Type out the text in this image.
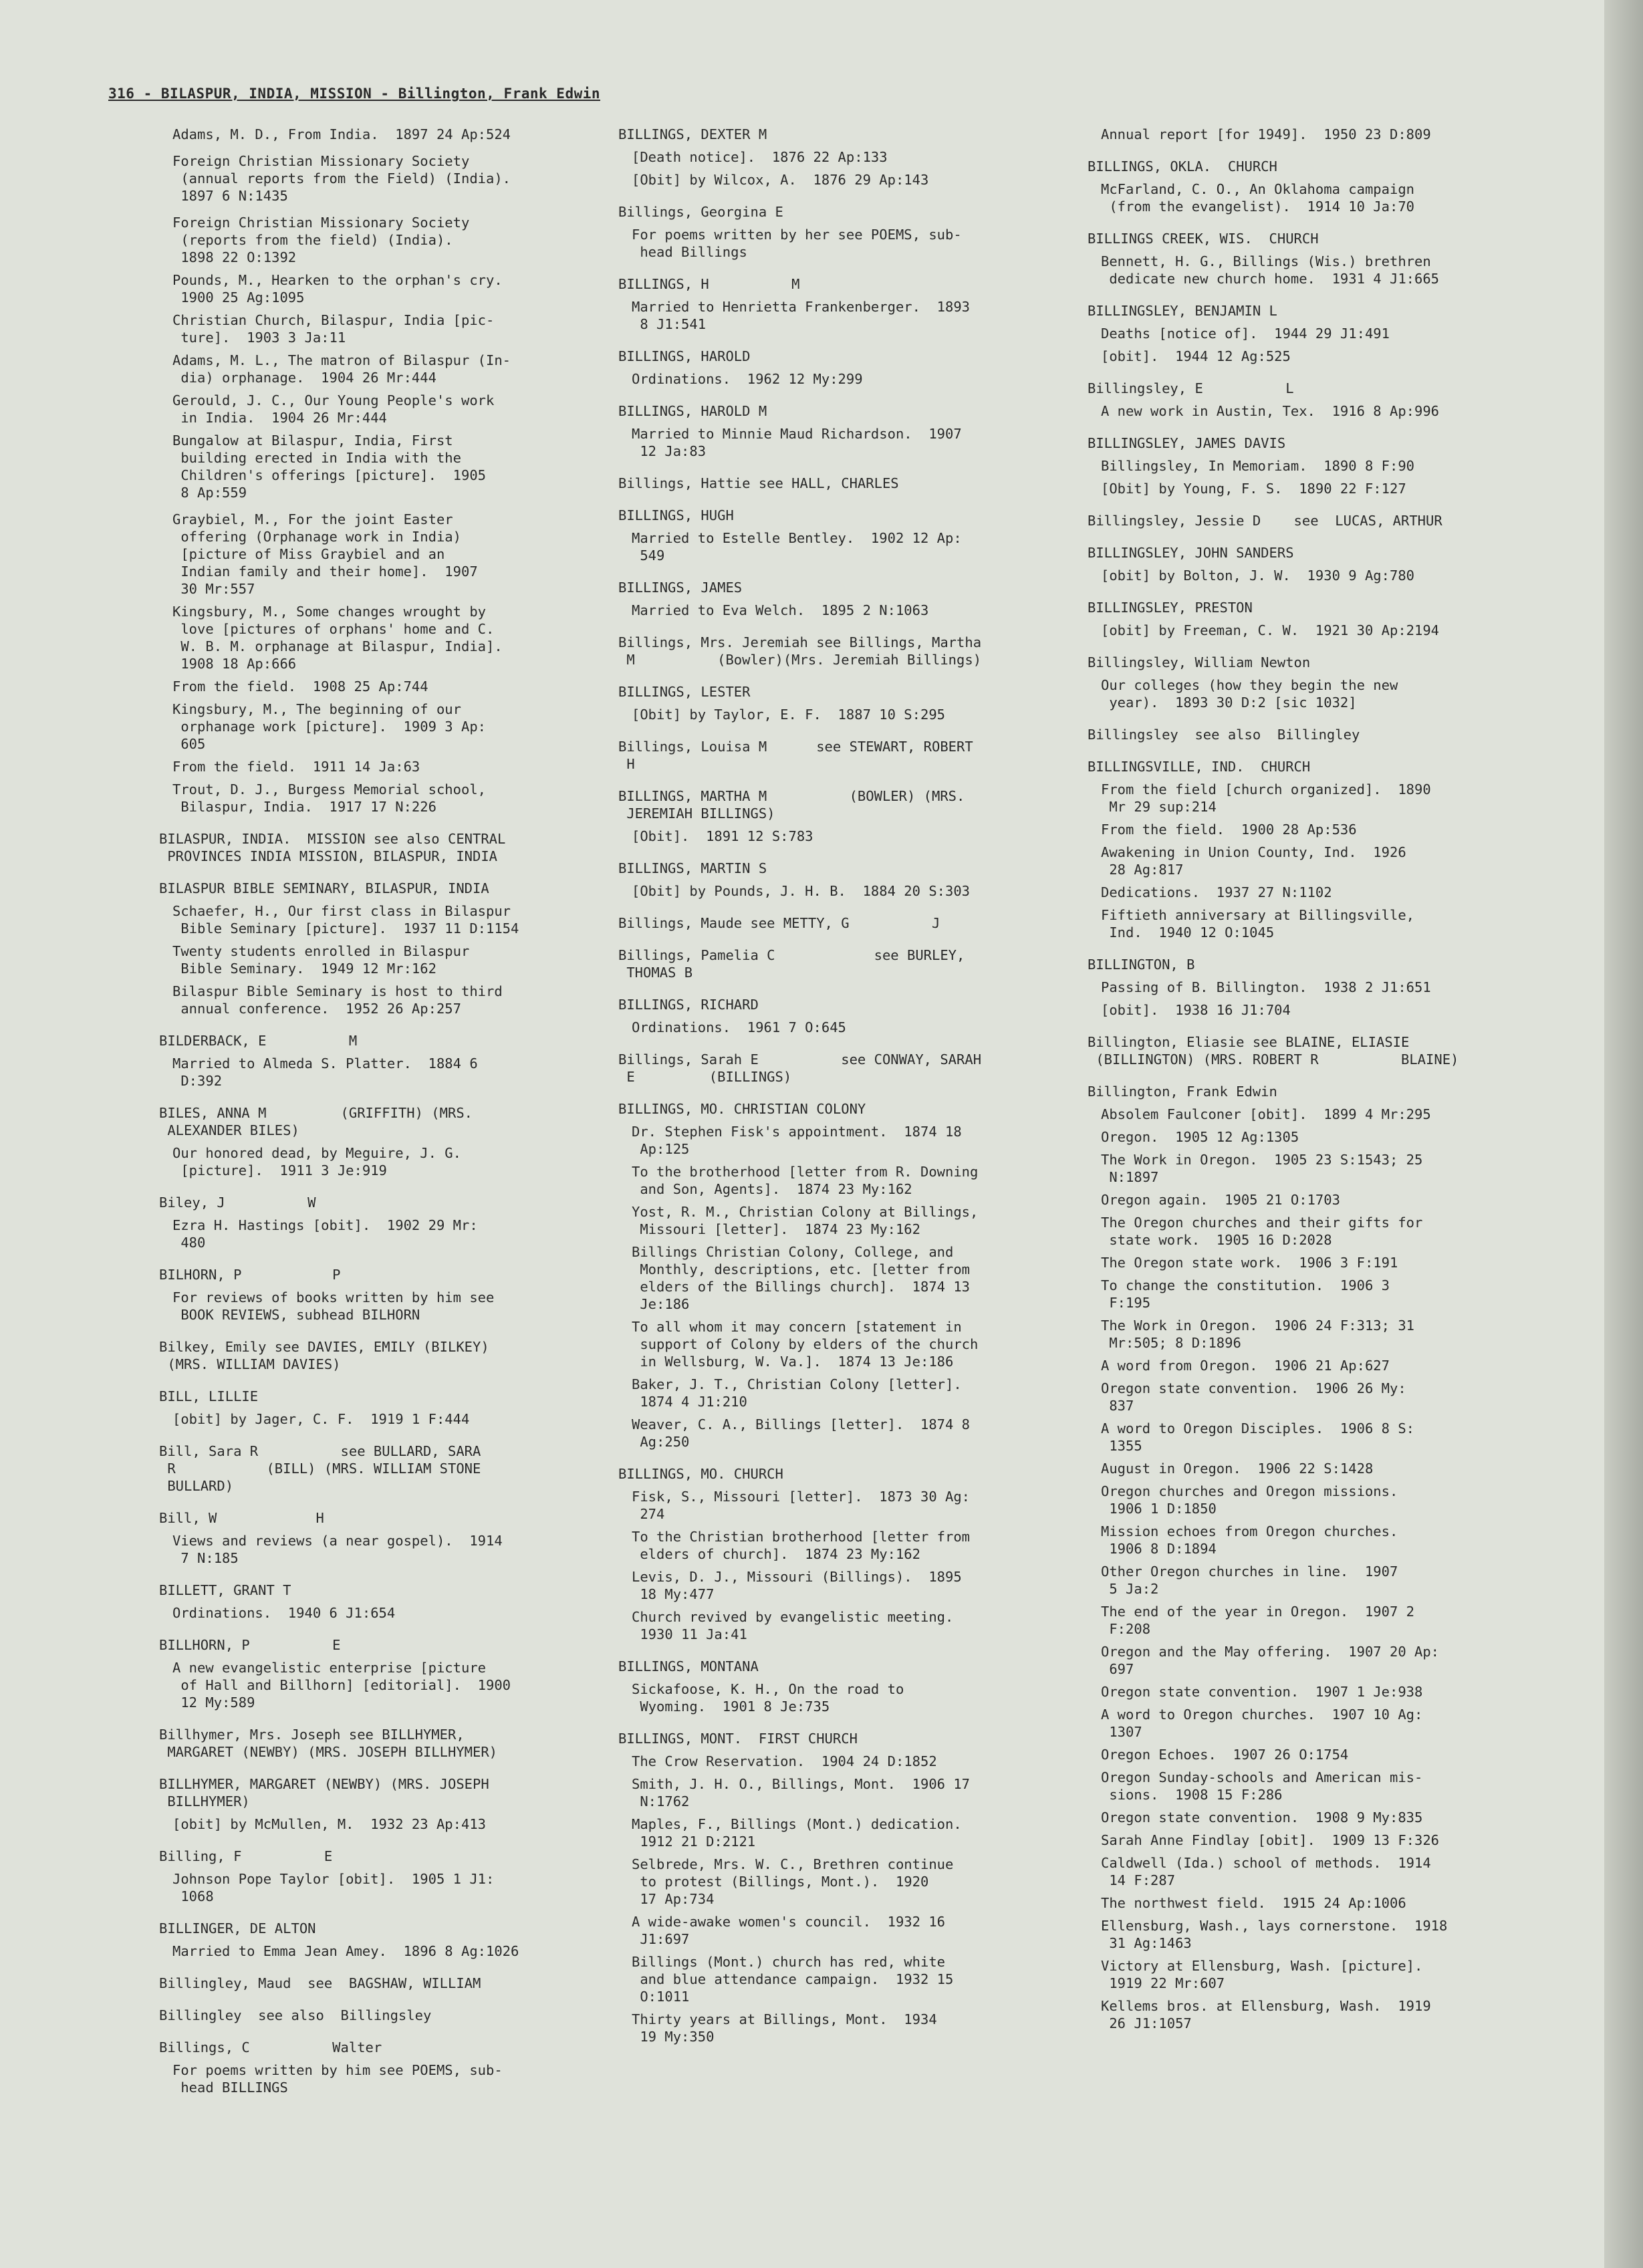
316 - BILASPUR, INDIA, MISSION - Billington, Frank Edwin
Adams, M. D., From India.  1897 24 Ap:524
Foreign Christian Missionary Society
(annual reports from the Field) (India).
1897 6 N:1435
Foreign Christian Missionary Society
(reports from the field) (India).
1898 22 O:1392
Pounds, M., Hearken to the orphan's cry.
1900 25 Ag:1095
Christian Church, Bilaspur, India [pic-
ture].  1903 3 Ja:11
Adams, M. L., The matron of Bilaspur (In-
dia) orphanage.  1904 26 Mr:444
Gerould, J. C., Our Young People's work
in India.  1904 26 Mr:444
Bungalow at Bilaspur, India, First
building erected in India with the
Children's offerings [picture].  1905
8 Ap:559
Graybiel, M., For the joint Easter
offering (Orphanage work in India)
[picture of Miss Graybiel and an
Indian family and their home].  1907
30 Mr:557
Kingsbury, M., Some changes wrought by
love [pictures of orphans' home and C.
W. B. M. orphanage at Bilaspur, India].
1908 18 Ap:666
From the field.  1908 25 Ap:744
Kingsbury, M., The beginning of our
orphanage work [picture].  1909 3 Ap:
605
From the field.  1911 14 Ja:63
Trout, D. J., Burgess Memorial school,
Bilaspur, India.  1917 17 N:226
BILASPUR, INDIA.  MISSION see also CENTRAL
PROVINCES INDIA MISSION, BILASPUR, INDIA
BILASPUR BIBLE SEMINARY, BILASPUR, INDIA
Schaefer, H., Our first class in Bilaspur
Bible Seminary [picture].  1937 11 D:1154
Twenty students enrolled in Bilaspur
Bible Seminary.  1949 12 Mr:162
Bilaspur Bible Seminary is host to third
annual conference.  1952 26 Ap:257
BILDERBACK, E          M
Married to Almeda S. Platter.  1884 6
D:392
BILES, ANNA M         (GRIFFITH) (MRS.
ALEXANDER BILES)
Our honored dead, by Meguire, J. G.
[picture].  1911 3 Je:919
Biley, J          W
Ezra H. Hastings [obit].  1902 29 Mr:
480
BILHORN, P           P
For reviews of books written by him see
BOOK REVIEWS, subhead BILHORN
Bilkey, Emily see DAVIES, EMILY (BILKEY)
(MRS. WILLIAM DAVIES)
BILL, LILLIE
[obit] by Jager, C. F.  1919 1 F:444
Bill, Sara R          see BULLARD, SARA
R           (BILL) (MRS. WILLIAM STONE
BULLARD)
Bill, W            H
Views and reviews (a near gospel).  1914
7 N:185
BILLETT, GRANT T
Ordinations.  1940 6 J1:654
BILLHORN, P          E
A new evangelistic enterprise [picture
of Hall and Billhorn] [editorial].  1900
12 My:589
Billhymer, Mrs. Joseph see BILLHYMER,
MARGARET (NEWBY) (MRS. JOSEPH BILLHYMER)
BILLHYMER, MARGARET (NEWBY) (MRS. JOSEPH
BILLHYMER)
[obit] by McMullen, M.  1932 23 Ap:413
Billing, F          E
Johnson Pope Taylor [obit].  1905 1 J1:
1068
BILLINGER, DE ALTON
Married to Emma Jean Amey.  1896 8 Ag:1026
Billingley, Maud  see  BAGSHAW, WILLIAM
Billingley  see also  Billingsley
Billings, C          Walter
For poems written by him see POEMS, sub-
head BILLINGS
BILLINGS, DEXTER M
[Death notice].  1876 22 Ap:133
[Obit] by Wilcox, A.  1876 29 Ap:143
Billings, Georgina E
For poems written by her see POEMS, sub-
head Billings
BILLINGS, H          M
Married to Henrietta Frankenberger.  1893
8 J1:541
BILLINGS, HAROLD
Ordinations.  1962 12 My:299
BILLINGS, HAROLD M
Married to Minnie Maud Richardson.  1907
12 Ja:83
Billings, Hattie see HALL, CHARLES
BILLINGS, HUGH
Married to Estelle Bentley.  1902 12 Ap:
549
BILLINGS, JAMES
Married to Eva Welch.  1895 2 N:1063
Billings, Mrs. Jeremiah see Billings, Martha
M          (Bowler)(Mrs. Jeremiah Billings)
BILLINGS, LESTER
[Obit] by Taylor, E. F.  1887 10 S:295
Billings, Louisa M      see STEWART, ROBERT
H
BILLINGS, MARTHA M          (BOWLER) (MRS.
JEREMIAH BILLINGS)
[Obit].  1891 12 S:783
BILLINGS, MARTIN S
[Obit] by Pounds, J. H. B.  1884 20 S:303
Billings, Maude see METTY, G          J
Billings, Pamelia C            see BURLEY,
THOMAS B
BILLINGS, RICHARD
Ordinations.  1961 7 O:645
Billings, Sarah E          see CONWAY, SARAH
E         (BILLINGS)
BILLINGS, MO. CHRISTIAN COLONY
Dr. Stephen Fisk's appointment.  1874 18
Ap:125
To the brotherhood [letter from R. Downing
and Son, Agents].  1874 23 My:162
Yost, R. M., Christian Colony at Billings,
Missouri [letter].  1874 23 My:162
Billings Christian Colony, College, and
Monthly, descriptions, etc. [letter from
elders of the Billings church].  1874 13
Je:186
To all whom it may concern [statement in
support of Colony by elders of the church
in Wellsburg, W. Va.].  1874 13 Je:186
Baker, J. T., Christian Colony [letter].
1874 4 J1:210
Weaver, C. A., Billings [letter].  1874 8
Ag:250
BILLINGS, MO. CHURCH
Fisk, S., Missouri [letter].  1873 30 Ag:
274
To the Christian brotherhood [letter from
elders of church].  1874 23 My:162
Levis, D. J., Missouri (Billings).  1895
18 My:477
Church revived by evangelistic meeting.
1930 11 Ja:41
BILLINGS, MONTANA
Sickafoose, K. H., On the road to
Wyoming.  1901 8 Je:735
BILLINGS, MONT.  FIRST CHURCH
The Crow Reservation.  1904 24 D:1852
Smith, J. H. O., Billings, Mont.  1906 17
N:1762
Maples, F., Billings (Mont.) dedication.
1912 21 D:2121
Selbrede, Mrs. W. C., Brethren continue
to protest (Billings, Mont.).  1920
17 Ap:734
A wide-awake women's council.  1932 16
J1:697
Billings (Mont.) church has red, white
and blue attendance campaign.  1932 15
O:1011
Thirty years at Billings, Mont.  1934
19 My:350
Annual report [for 1949].  1950 23 D:809
BILLINGS, OKLA.  CHURCH
McFarland, C. O., An Oklahoma campaign
(from the evangelist).  1914 10 Ja:70
BILLINGS CREEK, WIS.  CHURCH
Bennett, H. G., Billings (Wis.) brethren
dedicate new church home.  1931 4 J1:665
BILLINGSLEY, BENJAMIN L
Deaths [notice of].  1944 29 J1:491
[obit].  1944 12 Ag:525
Billingsley, E          L
A new work in Austin, Tex.  1916 8 Ap:996
BILLINGSLEY, JAMES DAVIS
Billingsley, In Memoriam.  1890 8 F:90
[Obit] by Young, F. S.  1890 22 F:127
Billingsley, Jessie D    see  LUCAS, ARTHUR
BILLINGSLEY, JOHN SANDERS
[obit] by Bolton, J. W.  1930 9 Ag:780
BILLINGSLEY, PRESTON
[obit] by Freeman, C. W.  1921 30 Ap:2194
Billingsley, William Newton
Our colleges (how they begin the new
year).  1893 30 D:2 [sic 1032]
Billingsley  see also  Billingley
BILLINGSVILLE, IND.  CHURCH
From the field [church organized].  1890
Mr 29 sup:214
From the field.  1900 28 Ap:536
Awakening in Union County, Ind.  1926
28 Ag:817
Dedications.  1937 27 N:1102
Fiftieth anniversary at Billingsville,
Ind.  1940 12 O:1045
BILLINGTON, B
Passing of B. Billington.  1938 2 J1:651
[obit].  1938 16 J1:704
Billington, Eliasie see BLAINE, ELIASIE
(BILLINGTON) (MRS. ROBERT R          BLAINE)
Billington, Frank Edwin
Absolem Faulconer [obit].  1899 4 Mr:295
Oregon.  1905 12 Ag:1305
The Work in Oregon.  1905 23 S:1543; 25
N:1897
Oregon again.  1905 21 O:1703
The Oregon churches and their gifts for
state work.  1905 16 D:2028
The Oregon state work.  1906 3 F:191
To change the constitution.  1906 3
F:195
The Work in Oregon.  1906 24 F:313; 31
Mr:505; 8 D:1896
A word from Oregon.  1906 21 Ap:627
Oregon state convention.  1906 26 My:
837
A word to Oregon Disciples.  1906 8 S:
1355
August in Oregon.  1906 22 S:1428
Oregon churches and Oregon missions.
1906 1 D:1850
Mission echoes from Oregon churches.
1906 8 D:1894
Other Oregon churches in line.  1907
5 Ja:2
The end of the year in Oregon.  1907 2
F:208
Oregon and the May offering.  1907 20 Ap:
697
Oregon state convention.  1907 1 Je:938
A word to Oregon churches.  1907 10 Ag:
1307
Oregon Echoes.  1907 26 O:1754
Oregon Sunday-schools and American mis-
sions.  1908 15 F:286
Oregon state convention.  1908 9 My:835
Sarah Anne Findlay [obit].  1909 13 F:326
Caldwell (Ida.) school of methods.  1914
14 F:287
The northwest field.  1915 24 Ap:1006
Ellensburg, Wash., lays cornerstone.  1918
31 Ag:1463
Victory at Ellensburg, Wash. [picture].
1919 22 Mr:607
Kellems bros. at Ellensburg, Wash.  1919
26 J1:1057
